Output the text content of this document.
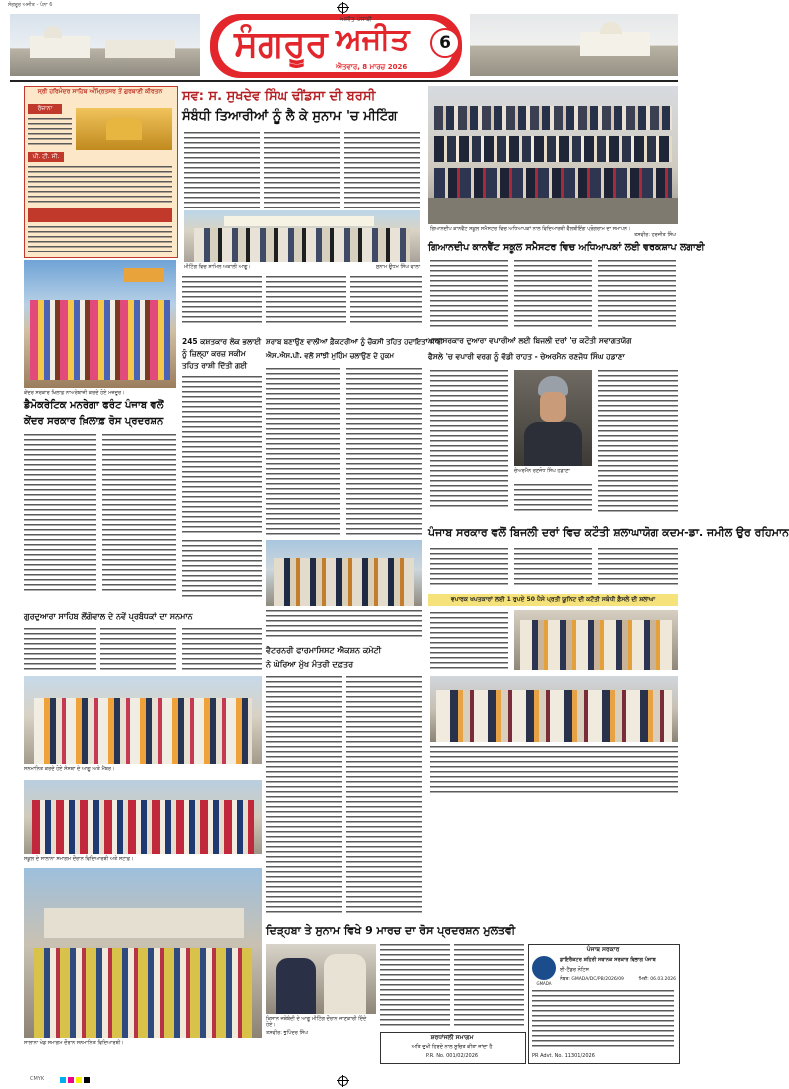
ਸੰਗਰੂਰ ਅਜੀਤ - ਪੰਨਾ 6
ਸੰਗਰੂਰ ਅਜੀਤ
ਅਜੀਤ ਪੰਜਾਬੀ
ਐਤਵਾਰ, 8 ਮਾਰਚ 2026
6
ਸ੍ਰੀ ਹਰਿਮੰਦਰ ਸਾਹਿਬ ਅੰਮ੍ਰਿਤਸਰ ਤੋਂ ਗੁਰਬਾਣੀ ਕੀਰਤਨ
ਰੋਜ਼ਾਨਾ
ਪੀ. ਟੀ. ਸੀ.
ਸਵ: ਸ. ਸੁਖਦੇਵ ਸਿੰਘ ਢੀਂਡਸਾ ਦੀ ਬਰਸੀ
ਸੰਬੰਧੀ ਤਿਆਰੀਆਂ ਨੂੰ ਲੈ ਕੇ ਸੁਨਾਮ 'ਚ ਮੀਟਿੰਗ
ਮੀਟਿੰਗ ਵਿਚ ਸ਼ਾਮਿਲ ਅਕਾਲੀ ਆਗੂ।	ਸੁਨਾਮ ਊਧਮ ਸਿੰਘ ਵਾਲਾ
ਗਿਆਨਦੀਪ ਕਾਨਵੈਂਟ ਸਕੂਲ ਸਮੈਸਟਰ ਵਿਚ ਅਧਿਆਪਕਾਂ ਨਾਲ ਵਿਦਿਆਰਥੀ ਵੈੱਲਬੀਇੰਗ ਪ੍ਰੋਗਰਾਮ ਦਾ ਸਮਾਪਨ।
ਤਸਵੀਰ: ਹਰਜੀਤ ਸਿੰਘ
ਗਿਆਨਦੀਪ ਕਾਨਵੈਂਟ ਸਕੂਲ ਸਮੈਸਟਰ ਵਿਚ ਅਧਿਆਪਕਾਂ ਲਈ ਵਰਕਸ਼ਾਪ ਲਗਾਈ
ਕੇਂਦਰ ਸਰਕਾਰ ਖ਼ਿਲਾਫ਼ ਨਾਅਰੇਬਾਜ਼ੀ ਕਰਦੇ ਹੋਏ ਮਜ਼ਦੂਰ।
ਡੈਮੋਕਰੇਟਿਕ ਮਨਰੇਗਾ ਫਰੰਟ ਪੰਜਾਬ ਵਲੋਂ
ਕੇਂਦਰ ਸਰਕਾਰ ਖ਼ਿਲਾਫ਼ ਰੋਸ ਪ੍ਰਦਰਸ਼ਨ
245 ਕਸ਼ਤਕਾਰ ਲੋਕ ਭਲਾਈ
ਨੂੰ ਜ਼ਿਲ੍ਹਾ ਕਰਜ਼ ਸਕੀਮ
ਤਹਿਤ ਰਾਸ਼ੀ ਦਿੱਤੀ ਗਈ
ਸ਼ਰਾਬ ਬਣਾਉਣ ਵਾਲੀਆਂ ਫ਼ੈਕਟਰੀਆਂ ਨੂੰ ਚੌਕਸੀ ਤਹਿਤ ਹਦਾਇਤਾਂ ਜਾਰੀ
ਐਸ.ਐਸ.ਪੀ. ਵਲੋਂ ਸਾਂਝੀ ਮੁਹਿੰਮ ਚਲਾਉਣ ਦੇ ਹੁਕਮ
ਮਾਨ ਸਰਕਾਰ ਦੁਆਰਾ ਵਪਾਰੀਆਂ ਲਈ ਬਿਜਲੀ ਦਰਾਂ 'ਚ ਕਟੌਤੀ ਸਵਾਗਤਯੋਗ
ਫੈਸਲੇ 'ਚ ਵਪਾਰੀ ਵਰਗ ਨੂੰ ਵੱਡੀ ਰਾਹਤ - ਚੇਅਰਮੈਨ ਰਣਜੋਧ ਸਿੰਘ ਹਡਾਣਾ
ਚੇਅਰਮੈਨ ਰਣਜੋਧ ਸਿੰਘ ਹਡਾਣਾ
ਪੰਜਾਬ ਸਰਕਾਰ ਵਲੋਂ ਬਿਜਲੀ ਦਰਾਂ ਵਿਚ ਕਟੌਤੀ ਸ਼ਲਾਘਾਯੋਗ ਕਦਮ-ਡਾ. ਜਮੀਲ ਉਰ ਰਹਿਮਾਨ
ਵਪਾਰਕ ਖਪਤਕਾਰਾਂ ਲਈ 1 ਰੁਪਏ 50 ਪੈਸੇ ਪ੍ਰਤੀ ਯੂਨਿਟ ਦੀ ਕਟੌਤੀ ਸਬੰਧੀ ਫ਼ੈਸਲੇ ਦੀ ਸ਼ਲਾਘਾ
ਗੁਰਦੁਆਰਾ ਸਾਹਿਬ ਲੌਂਗੋਵਾਲ ਦੇ ਨਵੇਂ ਪ੍ਰਬੰਧਕਾਂ ਦਾ ਸਨਮਾਨ
ਸਨਮਾਨਿਤ ਕਰਦੇ ਹੋਏ ਸੰਸਥਾ ਦੇ ਆਗੂ ਅਤੇ ਮੈਂਬਰ।
ਵੈਟਰਨਰੀ ਫਾਰਮਾਸਿਸਟ ਐਕਸ਼ਨ ਕਮੇਟੀ
ਨੇ ਘੇਰਿਆ ਮੁੱਖ ਮੰਤਰੀ ਦਫ਼ਤਰ
ਸਕੂਲ ਦੇ ਸਾਲਾਨਾ ਸਮਾਗਮ ਦੌਰਾਨ ਵਿਦਿਆਰਥੀ ਅਤੇ ਸਟਾਫ਼।
ਦਿੜ੍ਹਬਾ ਤੇ ਸੁਨਾਮ ਵਿਖੇ 9 ਮਾਰਚ ਦਾ ਰੋਸ ਪ੍ਰਦਰਸ਼ਨ ਮੁਲਤਵੀ
ਕਿਸਾਨ ਜਥੇਬੰਦੀ ਦੇ ਆਗੂ ਮੀਟਿੰਗ ਦੌਰਾਨ ਜਾਣਕਾਰੀ ਦਿੰਦੇ ਹੋਏ।
ਤਸਵੀਰ: ਭੁਪਿੰਦਰ ਸਿੰਘ
ਸਾਲਾਨਾ ਖੇਡ ਸਮਾਗਮ ਦੌਰਾਨ ਸਨਮਾਨਿਤ ਵਿਦਿਆਰਥੀ।
ਸ਼ਰਧਾਂਜਲੀ ਸਮਾਗਮ
ਅਤਿ ਦੁਖੀ ਹਿਰਦੇ ਨਾਲ ਸੂਚਿਤ ਕੀਤਾ ਜਾਂਦਾ ਹੈ
P.R. No. 001/02/2026
ਪੰਜਾਬ ਸਰਕਾਰ
GMADA
ਡਾਇਰੈਕਟਰ ਸ਼ਹਿਰੀ ਸਥਾਨਕ ਸਰਕਾਰ ਵਿਭਾਗ ਪੰਜਾਬ
ਈ-ਟੈਂਡਰ ਨੋਟਿਸ
ਨੰਬਰ: GMADA/DC/PB/2026/09	ਮਿਤੀ: 06.03.2026
PR Advt. No. 11301/2026
CMYK
